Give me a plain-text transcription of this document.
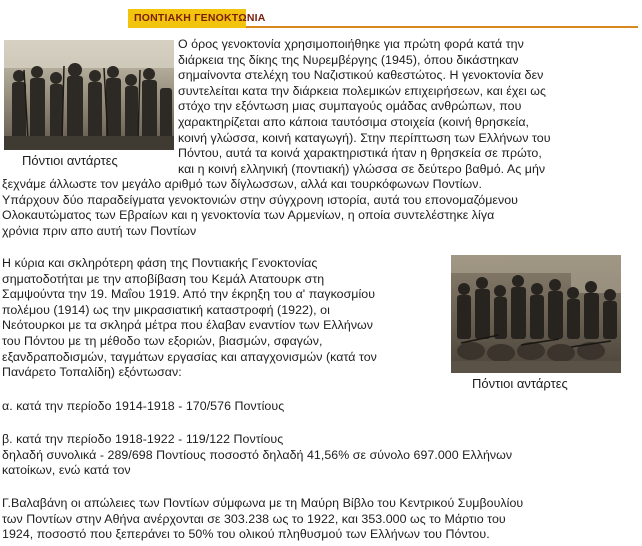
ΠΟΝΤΙΑΚΗ ΓΕΝΟΚΤΩΝΙΑ
Πόντιοι αντάρτες
Ο όρος γενοκτονία χρησιμοποιήθηκε για πρώτη φορά κατά την
διάρκεια της δίκης της Νυρεμβέργης (1945), όπου δικάστηκαν
σημαίνοντα στελέχη του Ναζιστικού καθεστώτος. Η γενοκτονία δεν
συντελείται κατα την διάρκεια πολεμικών επιχειρήσεων, και έχει ως
στόχο την εξόντωση μιας συμπαγούς ομάδας ανθρώπων, που
χαρακτηρίζεται απο κάποια ταυτόσιμα στοιχεία (κοινή θρησκεία,
κοινή γλώσσα, κοινή καταγωγή). Στην περίπτωση των Ελλήνων του
Πόντου, αυτά τα κοινά χαρακτηριστικά ήταν η θρησκεία σε πρώτο,
και η κοινή ελληνική (ποντιακή) γλώσσα σε δεύτερο βαθμό. Ας μήν
ξεχνάμε άλλωστε τον μεγάλο αριθμό των δίγλωσσων, αλλά και τουρκόφωνων Ποντίων.
Υπάρχουν δύο παραδείγματα γενοκτονιών στην σύγχρονη ιστορία, αυτά του επονομαζόμενου
Ολοκαυτώματος των Εβραίων και η γενοκτονία των Αρμενίων, η οποία συντελέστηκε λίγα
χρόνια πριν απο αυτή των Ποντίων
Η κύρια και σκληρότερη φάση της Ποντιακής Γενοκτονίας
σηματοδοτήται με την αποβίβαση του Κεμάλ Ατατουρκ στη
Σαμψούντα την 19. Μαΐου 1919. Από την έκρηξη του α' παγκοσμίου
πολέμου (1914) ως την μικρασιατική καταστροφή (1922), οι
Νεότουρκοι με τα σκληρά μέτρα που έλαβαν εναντίον των Ελλήνων
του Πόντου με τη μέθοδο των εξοριών, βιασμών, σφαγών,
εξανδραποδισμών, ταγμάτων εργασίας και απαγχονισμών (κατά τον
Πανάρετο Τοπαλίδη) εξόντωσαν:
Πόντιοι αντάρτες
α. κατά την περίοδο 1914-1918 - 170/576 Ποντίους
β. κατά την περίοδο 1918-1922 - 119/122 Ποντίους
δηλαδή συνολικά - 289/698 Ποντίους ποσοστό δηλαδή 41,56% σε σύνολο 697.000 Ελλήνων
κατοίκων, ενώ κατά τον
Γ.Βαλαβάνη οι απώλειες των Ποντίων σύμφωνα με τη Μαύρη Βίβλο του Κεντρικού Συμβουλίου
των Ποντίων στην Αθήνα ανέρχονται σε 303.238 ως το 1922, και 353.000 ως το Μάρτιο του
1924, ποσοστό που ξεπεράνει το 50% του ολικού πληθυσμού των Ελλήνων του Πόντου.
